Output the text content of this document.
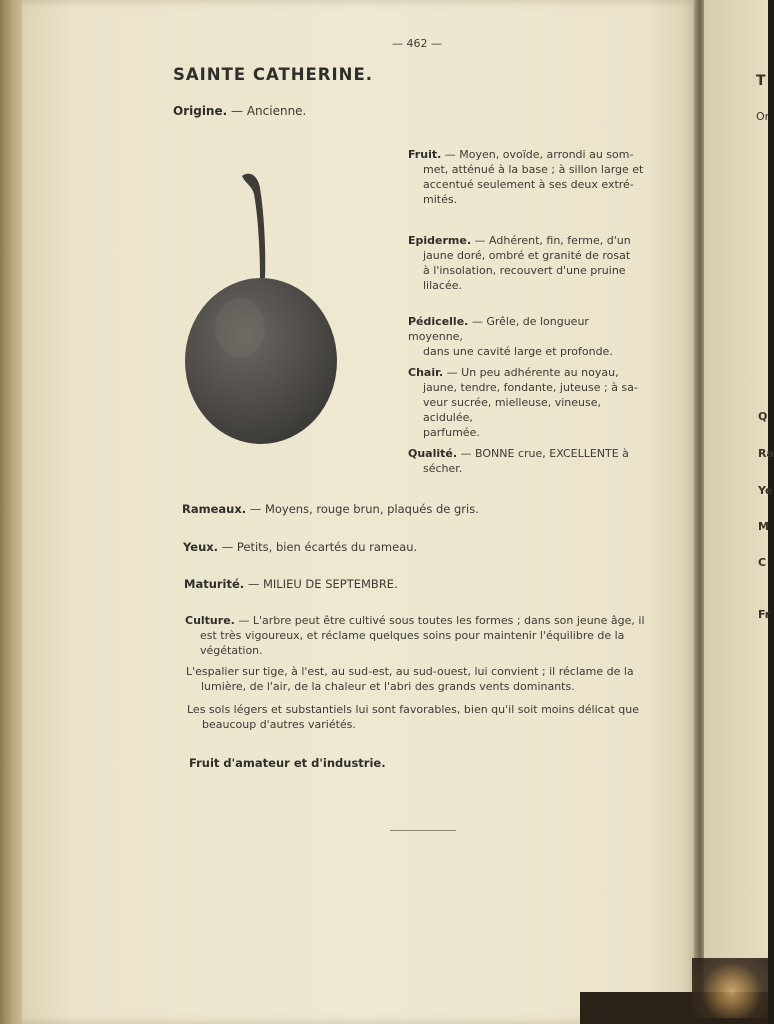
T
Or
Q
Ra
Ye
M
C
Fr
— 462 —
SAINTE CATHERINE.
Origine. — Ancienne.
Fruit. — Moyen, ovoïde, arrondi au som-
met, atténué à la base ; à sillon large et
accentué seulement à ses deux extré-
mités.
Epiderme. — Adhérent, fin, ferme, d'un
jaune doré, ombré et granité de rosat
à l'insolation, recouvert d'une pruine
lilacée.
Pédicelle. — Grêle, de longueur moyenne,
dans une cavité large et profonde.
Chair. — Un peu adhérente au noyau,
jaune, tendre, fondante, juteuse ; à sa-
veur sucrée, mielleuse, vineuse, acidulée,
parfumée.
Qualité. — BONNE crue, EXCELLENTE à
sécher.
Rameaux. — Moyens, rouge brun, plaqués de gris.
Yeux. — Petits, bien écartés du rameau.
Maturité. — MILIEU DE SEPTEMBRE.
Culture. — L'arbre peut être cultivé sous toutes les formes ; dans son jeune âge, il
est très vigoureux, et réclame quelques soins pour maintenir l'équilibre de la
végétation.
L'espalier sur tige, à l'est, au sud-est, au sud-ouest, lui convient ; il réclame de la
lumière, de l'air, de la chaleur et l'abri des grands vents dominants.
Les sols légers et substantiels lui sont favorables, bien qu'il soit moins délicat que
beaucoup d'autres variétés.
Fruit d'amateur et d'industrie.
